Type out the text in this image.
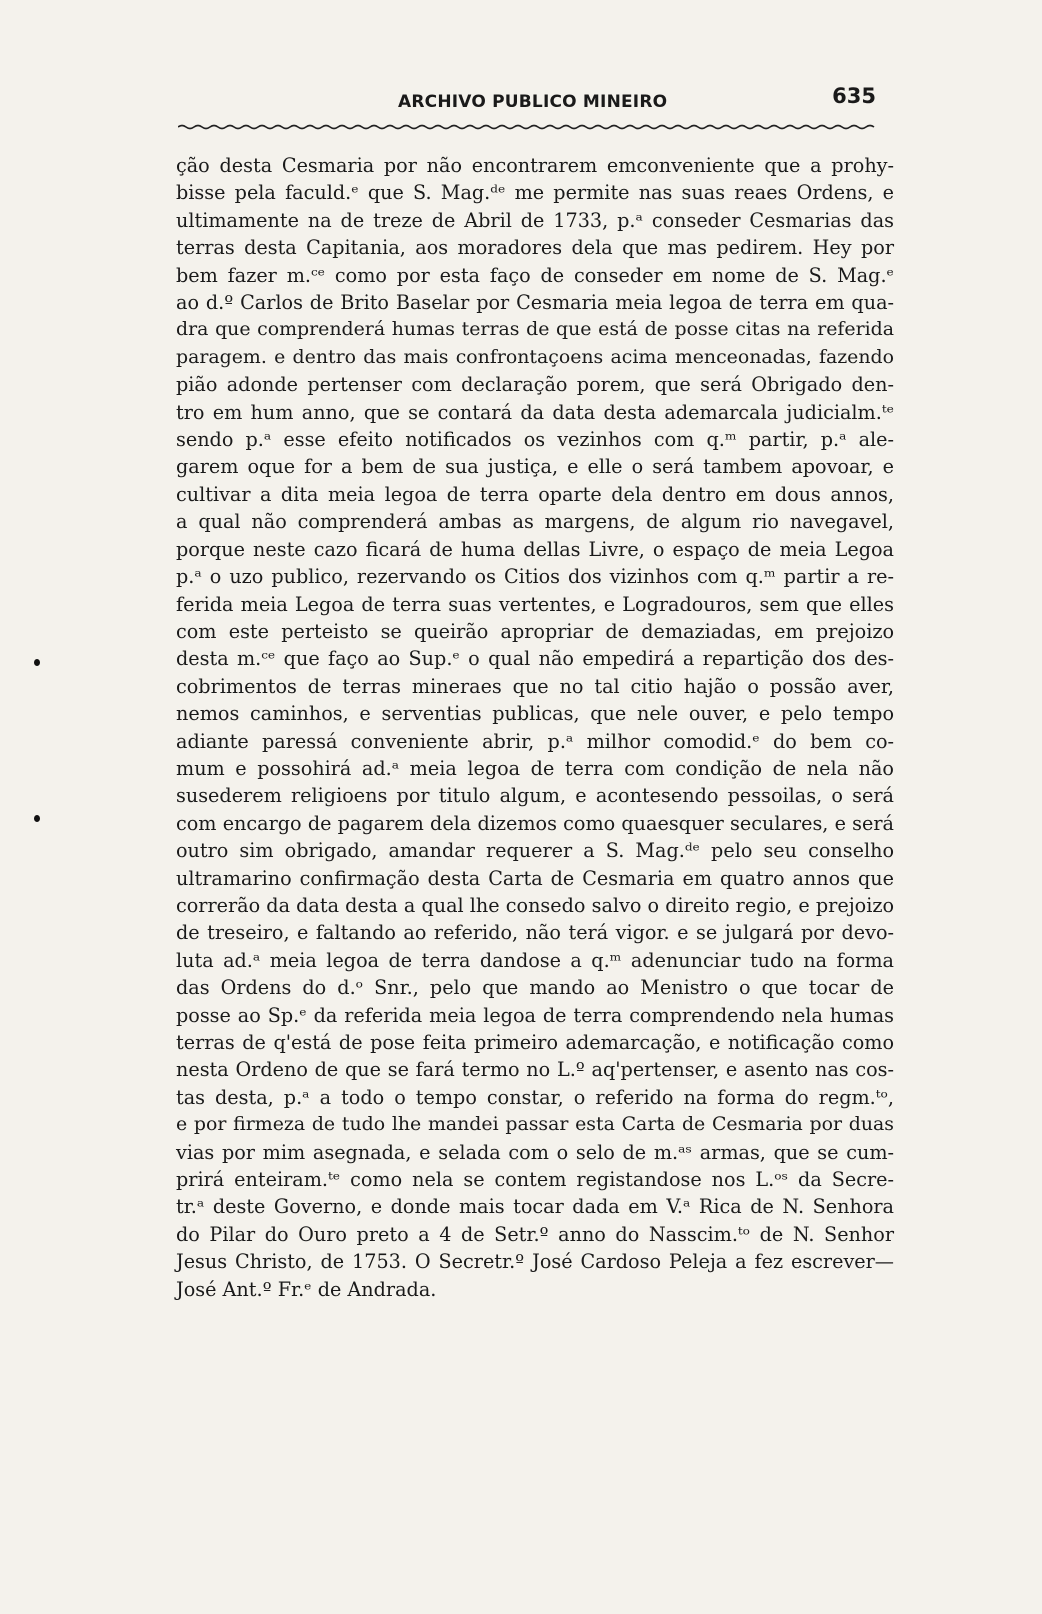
ARCHIVO PUBLICO MINEIRO	635
ção desta Cesmaria por não encontrarem emconveniente que a prohy-
bisse pela faculd.ᵉ que S. Mag.ᵈᵉ me permite nas suas reaes Ordens, e
ultimamente na de treze de Abril de 1733, p.ᵃ conseder Cesmarias das
terras desta Capitania, aos moradores dela que mas pedirem. Hey por
bem fazer m.ᶜᵉ como por esta faço de conseder em nome de S. Mag.ᵉ
ao d.º Carlos de Brito Baselar por Cesmaria meia legoa de terra em qua-
dra que comprenderá humas terras de que está de posse citas na referida
paragem. e dentro das mais confrontaçoens acima menceonadas, fazendo
pião adonde pertenser com declaração porem, que será Obrigado den-
tro em hum anno, que se contará da data desta ademarcala judicialm.ᵗᵉ
sendo p.ᵃ esse efeito notificados os vezinhos com q.ᵐ partir, p.ᵃ ale-
garem oque for a bem de sua justiça, e elle o será tambem apovoar, e
cultivar a dita meia legoa de terra oparte dela dentro em dous annos,
a qual não comprenderá ambas as margens, de algum rio navegavel,
porque neste cazo ficará de huma dellas Livre, o espaço de meia Legoa
p.ᵃ o uzo publico, rezervando os Citios dos vizinhos com q.ᵐ partir a re-
ferida meia Legoa de terra suas vertentes, e Logradouros, sem que elles
com este perteisto se queirão apropriar de demaziadas, em prejoizo
desta m.ᶜᵉ que faço ao Sup.ᵉ o qual não empedirá a repartição dos des-
cobrimentos de terras mineraes que no tal citio hajão o possão aver,
nemos caminhos, e serventias publicas, que nele ouver, e pelo tempo
adiante paressá conveniente abrir, p.ᵃ milhor comodid.ᵉ do bem co-
mum e possohirá ad.ᵃ meia legoa de terra com condição de nela não
susederem religioens por titulo algum, e acontesendo pessoilas, o será
com encargo de pagarem dela dizemos como quaesquer seculares, e será
outro sim obrigado, amandar requerer a S. Mag.ᵈᵉ pelo seu conselho
ultramarino confirmação desta Carta de Cesmaria em quatro annos que
correrão da data desta a qual lhe consedo salvo o direito regio, e prejoizo
de treseiro, e faltando ao referido, não terá vigor. e se julgará por devo-
luta ad.ᵃ meia legoa de terra dandose a q.ᵐ adenunciar tudo na forma
das Ordens do d.ᵒ Snr., pelo que mando ao Menistro o que tocar de
posse ao Sp.ᵉ da referida meia legoa de terra comprendendo nela humas
terras de q'está de pose feita primeiro ademarcação, e notificação como
nesta Ordeno de que se fará termo no L.º aq'pertenser, e asento nas cos-
tas desta, p.ᵃ a todo o tempo constar, o referido na forma do regm.ᵗᵒ,
e por firmeza de tudo lhe mandei passar esta Carta de Cesmaria por duas
vias por mim asegnada, e selada com o selo de m.ᵃˢ armas, que se cum-
prirá enteiram.ᵗᵉ como nela se contem registandose nos L.ᵒˢ da Secre-
tr.ᵃ deste Governo, e donde mais tocar dada em V.ᵃ Rica de N. Senhora
do Pilar do Ouro preto a 4 de Setr.º anno do Nasscim.ᵗᵒ de N. Senhor
Jesus Christo, de 1753. O Secretr.º José Cardoso Peleja a fez escrever—
José Ant.º Fr.ᵉ de Andrada.
